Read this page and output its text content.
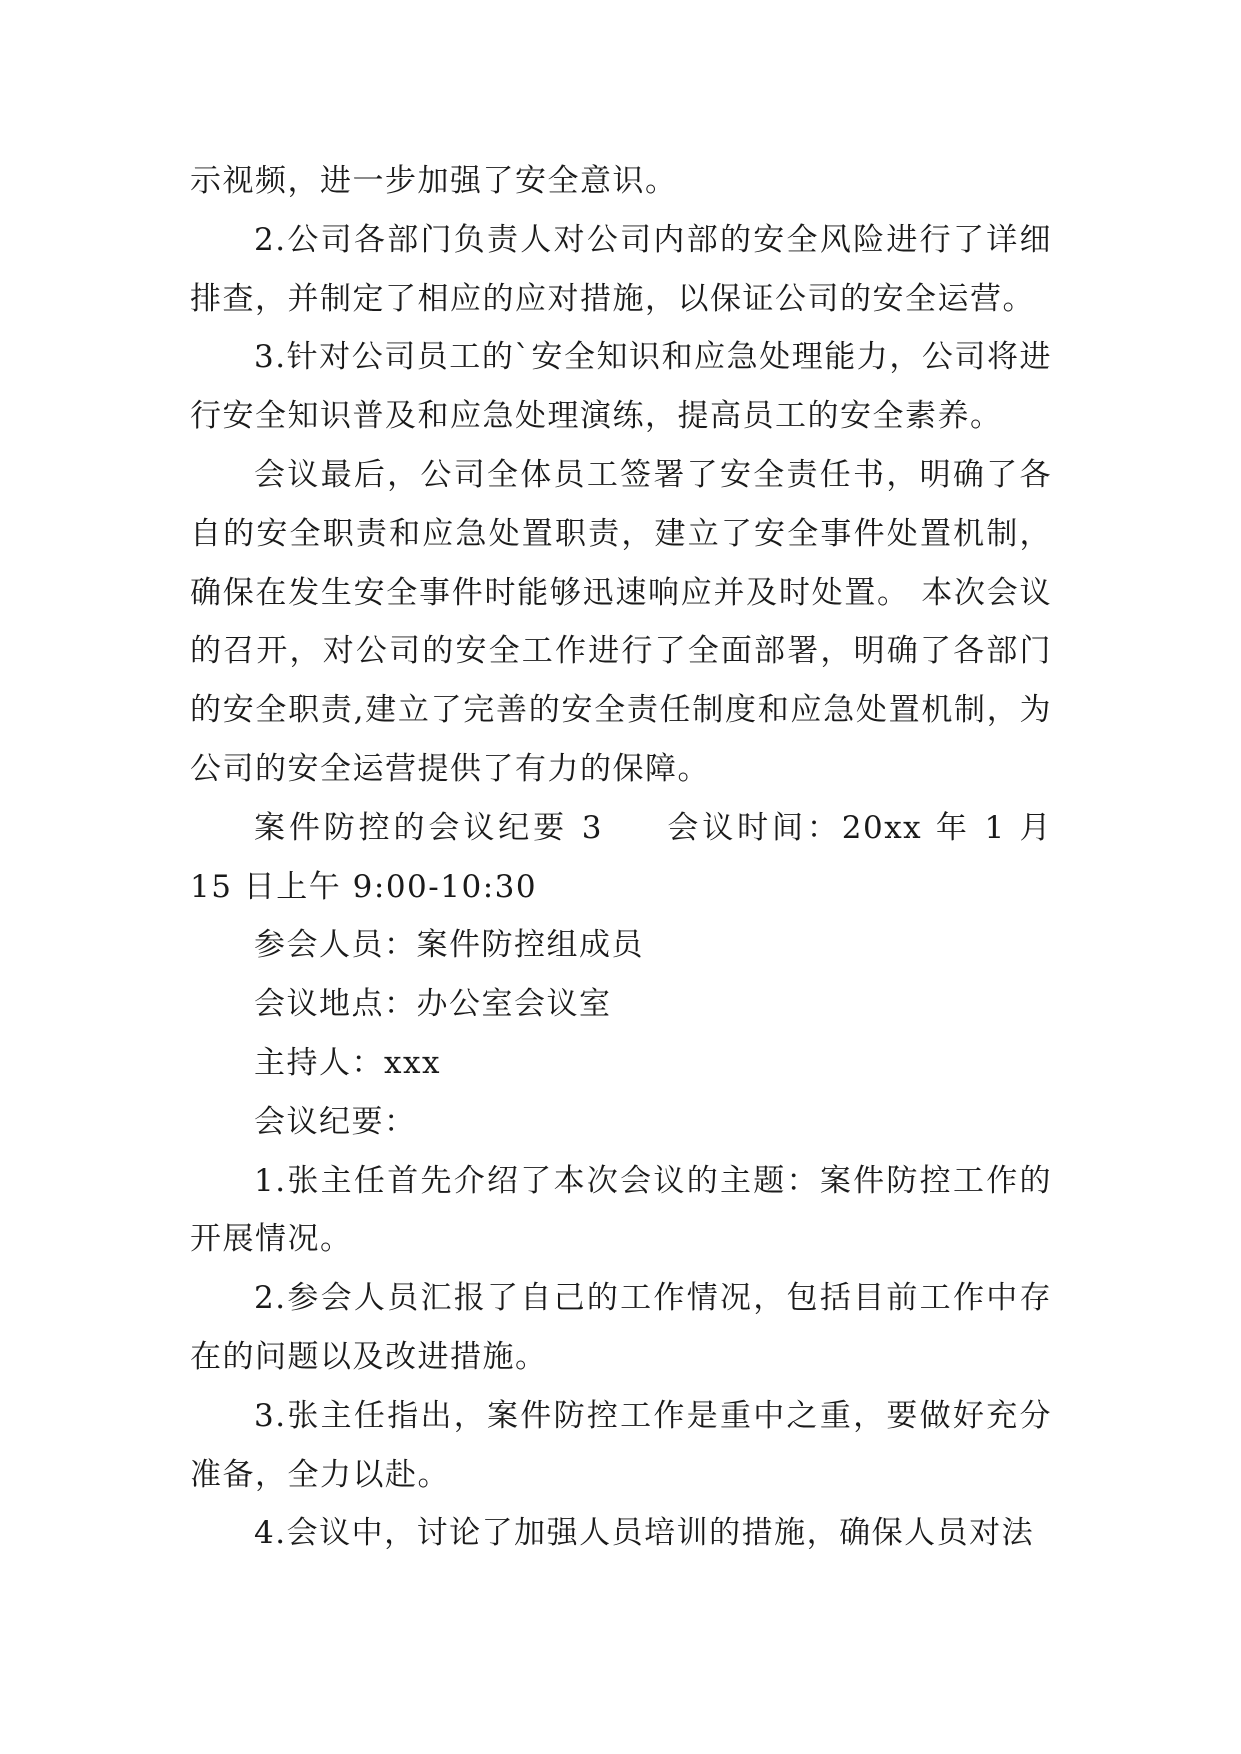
示视频，进一步加强了安全意识。

2.公司各部门负责人对公司内部的安全风险进行了详细排查，并制定了相应的应对措施，以保证公司的安全运营。

3.针对公司员工的`安全知识和应急处理能力，公司将进行安全知识普及和应急处理演练，提高员工的安全素养。

会议最后，公司全体员工签署了安全责任书，明确了各自的安全职责和应急处置职责，建立了安全事件处置机制，确保在发生安全事件时能够迅速响应并及时处置。 本次会议的召开，对公司的安全工作进行了全面部署，明确了各部门的安全职责,建立了完善的安全责任制度和应急处置机制，为公司的安全运营提供了有力的保障。

案件防控的会议纪要 3 会议时间：20xx 年 1 月 15 日上午 9:00-10:30

参会人员：案件防控组成员

会议地点：办公室会议室

主持人：xxx

会议纪要：

1.张主任首先介绍了本次会议的主题：案件防控工作的开展情况。

2.参会人员汇报了自己的工作情况，包括目前工作中存在的问题以及改进措施。

3.张主任指出，案件防控工作是重中之重，要做好充分准备，全力以赴。

4.会议中，讨论了加强人员培训的措施，确保人员对法
